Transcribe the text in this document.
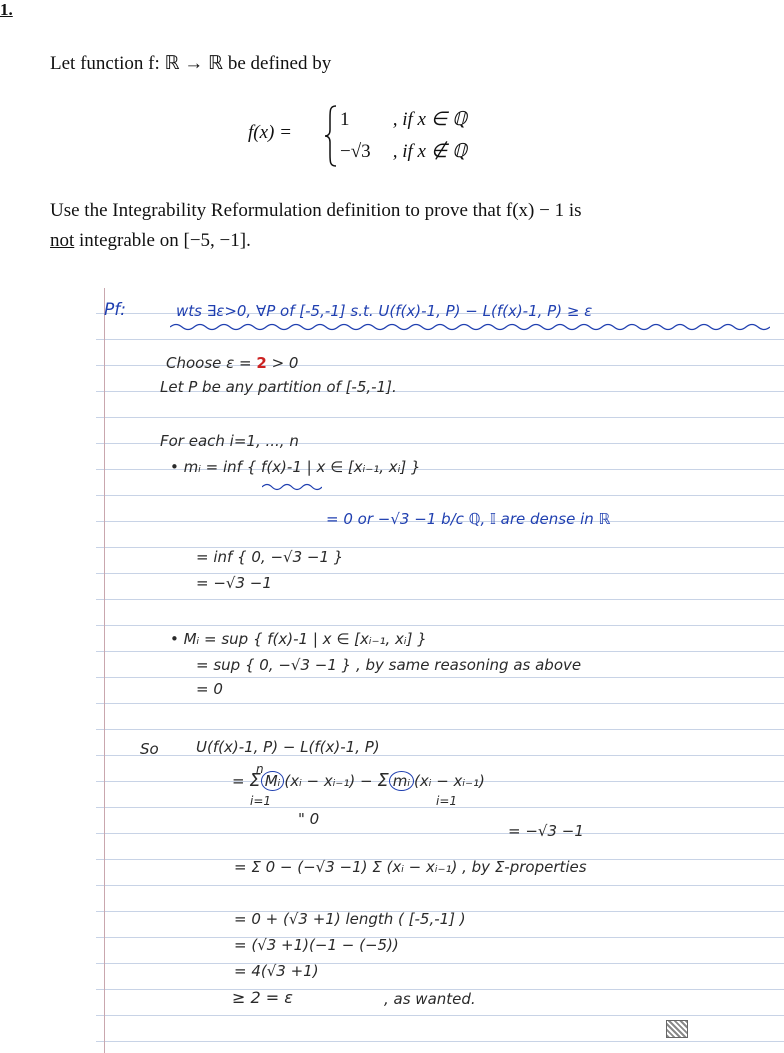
1.
Let function f: ℝ → ℝ be defined by
f(x) =
1 , if x ∈ ℚ
−√3 , if x ∉ ℚ
Use the Integrability Reformulation definition to prove that f(x) − 1 is
not integrable on [−5, −1].
Pf:	wts ∃ε>0, ∀P of [-5,-1] s.t. U(f(x)-1, P) − L(f(x)-1, P) ≥ ε
Choose ε = 2 > 0
Let P be any partition of [-5,-1].
For each i=1, ..., n
• mᵢ = inf { f(x)-1 | x ∈ [xᵢ₋₁, xᵢ] }
= 0 or −√3 −1 b/c ℚ, 𝕀 are dense in ℝ
= inf { 0, −√3 −1 }
= −√3 −1
• Mᵢ = sup { f(x)-1 | x ∈ [xᵢ₋₁, xᵢ] }
= sup { 0, −√3 −1 } , by same reasoning as above
= 0
So U(f(x)-1, P) − L(f(x)-1, P)
= Σ Mᵢ (xᵢ − xᵢ₋₁) − Σ mᵢ (xᵢ − xᵢ₋₁)
n
i=1	i=1
" 0
= −√3 −1
= Σ 0 − (−√3 −1) Σ (xᵢ − xᵢ₋₁) , by Σ-properties
= 0 + (√3 +1) length ( [-5,-1] )
= (√3 +1)(−1 − (−5))
= 4(√3 +1)
≥ 2 = ε	, as wanted.
